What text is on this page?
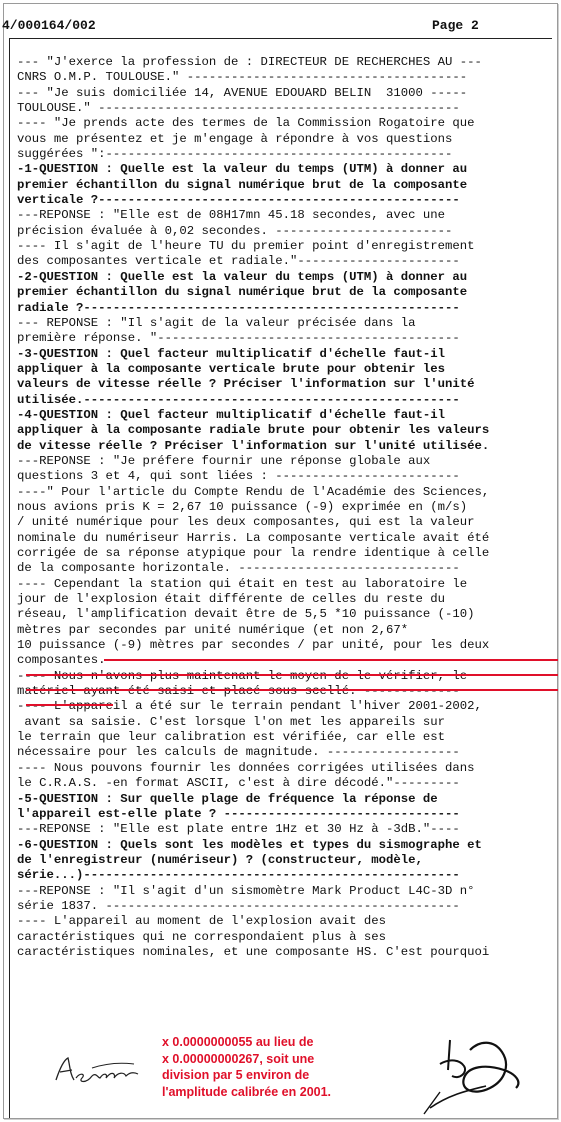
4/000164/002	Page 2
--- "J'exerce la profession de : DIRECTEUR DE RECHERCHES AU ---
CNRS O.M.P. TOULOUSE." --------------------------------------
--- "Je suis domiciliée 14, AVENUE EDOUARD BELIN  31000 -----
TOULOUSE." -------------------------------------------------
---- "Je prends acte des termes de la Commission Rogatoire que
vous me présentez et je m'engage à répondre à vos questions
suggérées ":-----------------------------------------------
-1-QUESTION : Quelle est la valeur du temps (UTM) à donner au
premier échantillon du signal numérique brut de la composante
verticale ?-------------------------------------------------
---REPONSE : "Elle est de 08H17mn 45.18 secondes, avec une
précision évaluée à 0,02 secondes. ------------------------
---- Il s'agit de l'heure TU du premier point d'enregistrement
des composantes verticale et radiale."----------------------
-2-QUESTION : Quelle est la valeur du temps (UTM) à donner au
premier échantillon du signal numérique brut de la composante
radiale ?---------------------------------------------------
--- REPONSE : "Il s'agit de la valeur précisée dans la
première réponse. "-----------------------------------------
-3-QUESTION : Quel facteur multiplicatif d'échelle faut-il
appliquer à la composante verticale brute pour obtenir les
valeurs de vitesse réelle ? Préciser l'information sur l'unité
utilisée.---------------------------------------------------
-4-QUESTION : Quel facteur multiplicatif d'échelle faut-il
appliquer à la composante radiale brute pour obtenir les valeurs
de vitesse réelle ? Préciser l'information sur l'unité utilisée.
---REPONSE : "Je préfere fournir une réponse globale aux
questions 3 et 4, qui sont liées : -------------------------
----" Pour l'article du Compte Rendu de l'Académie des Sciences,
nous avions pris K = 2,67 10 puissance (-9) exprimée en (m/s)
/ unité numérique pour les deux composantes, qui est la valeur
nominale du numériseur Harris. La composante verticale avait été
corrigée de sa réponse atypique pour la rendre identique à celle
de la composante horizontale. ------------------------------
---- Cependant la station qui était en test au laboratoire le
jour de l'explosion était différente de celles du reste du
réseau, l'amplification devait être de 5,5 *10 puissance (-10)
mètres par secondes par unité numérique (et non 2,67*
10 puissance (-9) mètres par secondes / par unité, pour les deux
composantes. -----------------------------------------------
---- Nous n'avons plus maintenant le moyen de le vérifier, le
matériel ayant été saisi et placé sous scellé. -------------
---- L'appareil a été sur le terrain pendant l'hiver 2001-2002,
avant sa saisie. C'est lorsque l'on met les appareils sur
le terrain que leur calibration est vérifiée, car elle est
nécessaire pour les calculs de magnitude. ------------------
---- Nous pouvons fournir les données corrigées utilisées dans
le C.R.A.S. -en format ASCII, c'est à dire décodé."---------
-5-QUESTION : Sur quelle plage de fréquence la réponse de
l'appareil est-elle plate ? --------------------------------
---REPONSE : "Elle est plate entre 1Hz et 30 Hz à -3dB."----
-6-QUESTION : Quels sont les modèles et types du sismographe et
de l'enregistreur (numériseur) ? (constructeur, modèle,
série...)---------------------------------------------------
---REPONSE : "Il s'agit d'un sismomètre Mark Product L4C-3D n°
série 1837. ------------------------------------------------
---- L'appareil au moment de l'explosion avait des
caractéristiques qui ne correspondaient plus à ses
caractéristiques nominales, et une composante HS. C'est pourquoi
x 0.0000000055 au lieu de
x 0.00000000267, soit une
division par 5 environ de
l'amplitude calibrée en 2001.
